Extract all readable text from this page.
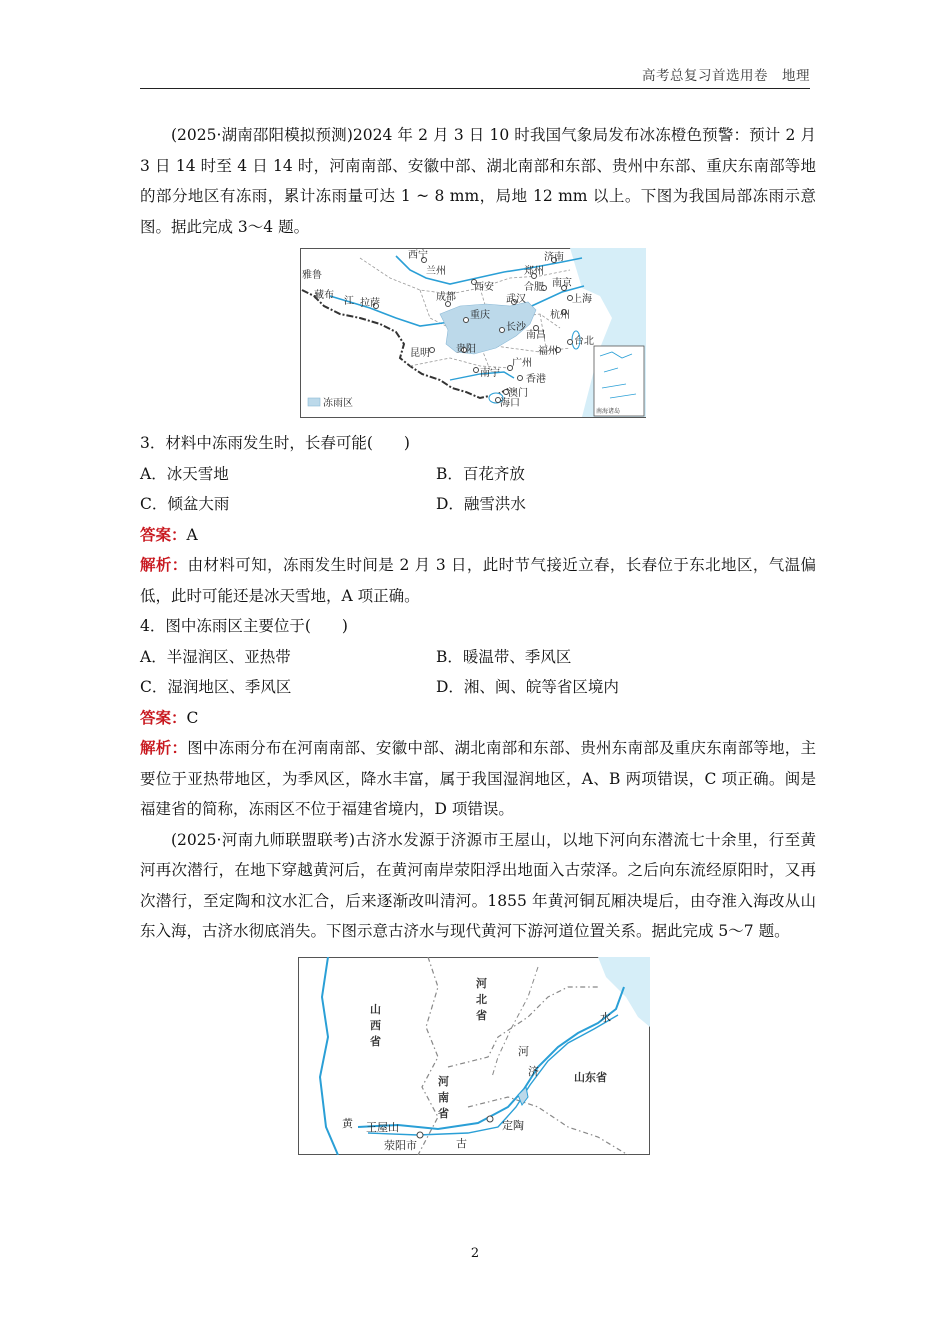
高考总复习首选用卷　地理

(2025·湖南邵阳模拟预测)2024 年 2 月 3 日 10 时我国气象局发布冰冻橙色预警：预计 2 月 3 日 14 时至 4 日 14 时，河南南部、安徽中部、湖北南部和东部、贵州中东部、重庆东南部等地的部分地区有冻雨，累计冻雨量可达 1 ~ 8 mm，局地 12 mm 以上。下图为我国局部冻雨示意图。据此完成 3～4 题。

南海诸岛
西宁
兰州
济南
郑州
西安	合肥 南京
上海
成都	武汉
重庆
长沙
杭州
南昌
拉萨
雅鲁
藏布
江
昆明	贵阳	福州
台北
广州
南宁
香港
澳门
海口
冻雨区

3．材料中冻雨发生时，长春可能(　　)

A．冰天雪地	B．百花齐放
C．倾盆大雨	D．融雪洪水

答案：A

解析：由材料可知，冻雨发生时间是 2 月 3 日，此时节气接近立春，长春位于东北地区，气温偏低，此时可能还是冰天雪地，A 项正确。

4．图中冻雨区主要位于(　　)

A．半湿润区、亚热带	B．暖温带、季风区
C．湿润地区、季风区	D．湘、闽、皖等省区境内

答案：C

解析：图中冻雨分布在河南南部、安徽中部、湖北南部和东部、贵州东南部及重庆东南部等地，主要位于亚热带地区，为季风区，降水丰富，属于我国湿润地区，A、B 两项错误，C 项正确。闽是福建省的简称，冻雨区不位于福建省境内，D 项错误。

(2025·河南九师联盟联考)古济水发源于济源市王屋山，以地下河向东潜流七十余里，行至黄河再次潜行，在地下穿越黄河后，在黄河南岸荥阳浮出地面入古荥泽。之后向东流经原阳时，又再次潜行，至定陶和汶水汇合，后来逐渐改叫清河。1855 年黄河铜瓦厢决堤后，由夺淮入海改从山东入海，古济水彻底消失。下图示意古济水与现代黄河下游河道位置关系。据此完成 5～7 题。

山
西
省
河
北
省
河
南
省
山东省
黄
河
济
水
古
王屋山
荥阳市
定陶
2
